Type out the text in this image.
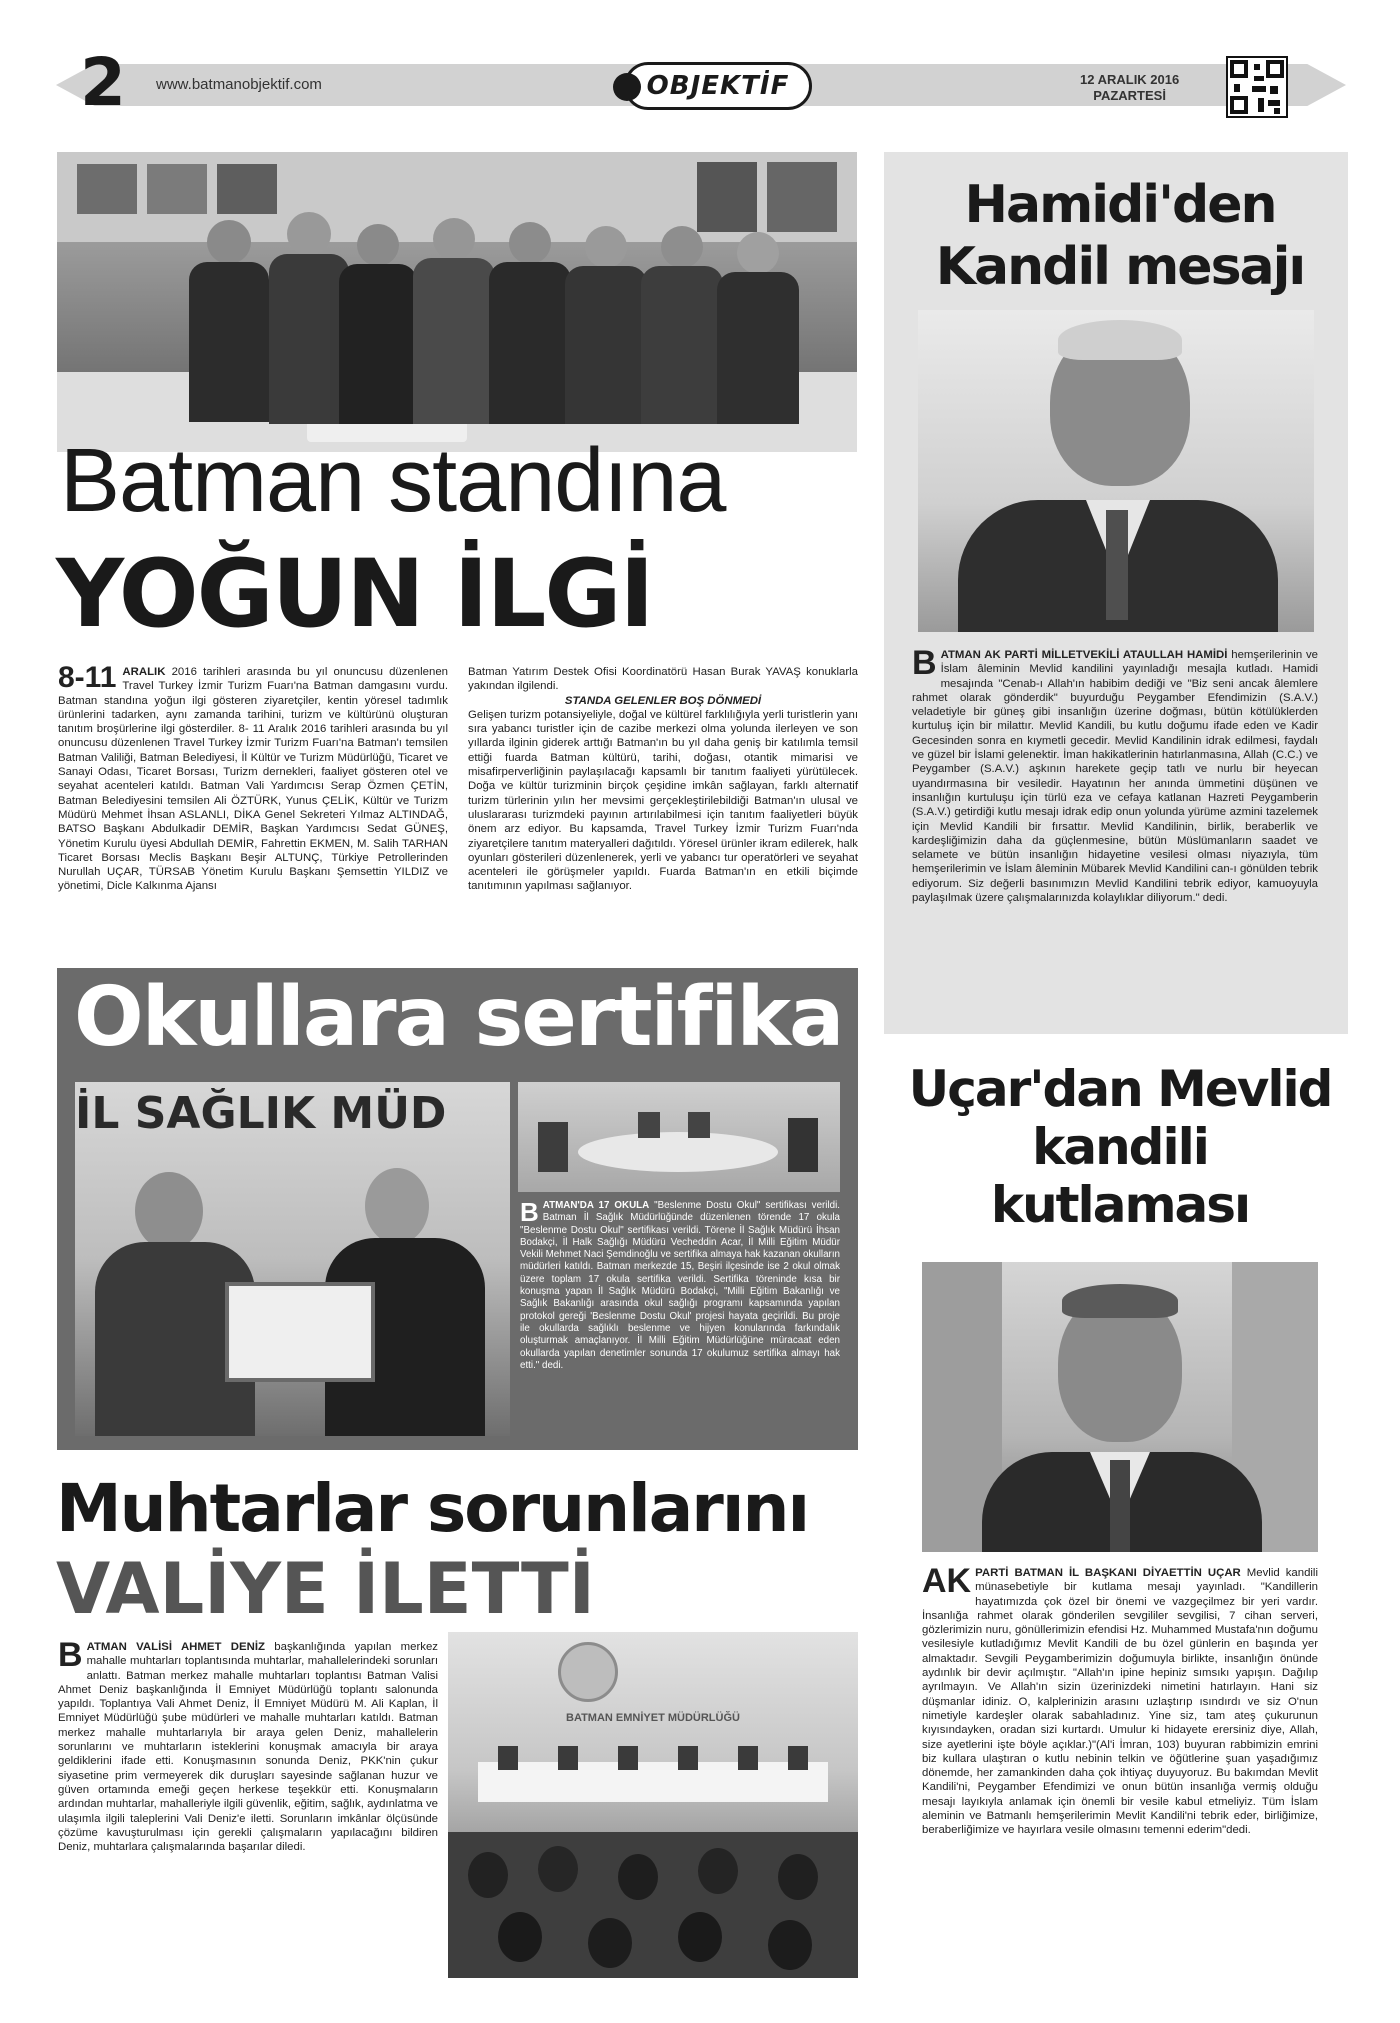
2 www.batmanobjektif.com	OBJEKTİF	12 ARALIK 2016
PAZARTESİ
Batman standına
YOĞUN İLGİ
8-11 ARALIK 2016 tarihleri arasında bu yıl onuncusu düzenlenen Travel Turkey İzmir Turizm Fuarı'na Batman damgasını vurdu. Batman standına yoğun ilgi gösteren ziyaretçiler, kentin yöresel tadımlık ürünlerini tadarken, aynı zamanda tarihini, turizm ve kültürünü oluşturan tanıtım broşürlerine ilgi gösterdiler. 8- 11 Aralık 2016 tarihleri arasında bu yıl onuncusu düzenlenen Travel Turkey İzmir Turizm Fuarı'na Batman'ı temsilen Batman Valiliği, Batman Belediyesi, İl Kültür ve Turizm Müdürlüğü, Ticaret ve Sanayi Odası, Ticaret Borsası, Turizm dernekleri, faaliyet gösteren otel ve seyahat acenteleri katıldı. Batman Vali Yardımcısı Serap Özmen ÇETİN, Batman Belediyesini temsilen Ali ÖZTÜRK, Yunus ÇELİK, Kültür ve Turizm Müdürü Mehmet İhsan ASLANLI, DİKA Genel Sekreteri Yılmaz ALTINDAĞ, BATSO Başkanı Abdulkadir DEMİR, Başkan Yardımcısı Sedat GÜNEŞ, Yönetim Kurulu üyesi Abdullah DEMİR, Fahrettin EKMEN, M. Salih TARHAN Ticaret Borsası Meclis Başkanı Beşir ALTUNÇ, Türkiye Petrollerinden Nurullah UÇAR, TÜRSAB Yönetim Kurulu Başkanı Şemsettin YILDIZ ve yönetimi, Dicle Kalkınma Ajansı

Batman Yatırım Destek Ofisi Koordinatörü Hasan Burak YAVAŞ konuklarla yakından ilgilendi.

STANDA GELENLER BOŞ DÖNMEDİ

Gelişen turizm potansiyeliyle, doğal ve kültürel farklılığıyla yerli turistlerin yanı sıra yabancı turistler için de cazibe merkezi olma yolunda ilerleyen ve son yıllarda ilginin giderek arttığı Batman'ın bu yıl daha geniş bir katılımla temsil ettiği fuarda Batman kültürü, tarihi, doğası, otantik mimarisi ve misafirperverliğinin paylaşılacağı kapsamlı bir tanıtım faaliyeti yürütülecek. Doğa ve kültür turizminin birçok çeşidine imkân sağlayan, farklı alternatif turizm türlerinin yılın her mevsimi gerçekleştirilebildiği Batman'ın ulusal ve uluslararası turizmdeki payının artırılabilmesi için tanıtım faaliyetleri büyük önem arz ediyor. Bu kapsamda, Travel Turkey İzmir Turizm Fuarı'nda ziyaretçilere tanıtım materyalleri dağıtıldı. Yöresel ürünler ikram edilerek, halk oyunları gösterileri düzenlenerek, yerli ve yabancı tur operatörleri ve seyahat acenteleri ile görüşmeler yapıldı. Fuarda Batman'ın en etkili biçimde tanıtımının yapılması sağlanıyor.

Hamidi'den Kandil mesajı
BATMAN AK PARTİ MİLLETVEKİLİ ATAULLAH HAMİDİ hemşerilerinin ve İslam âleminin Mevlid kandilini yayınladığı mesajla kutladı. Hamidi mesajında "Cenab-ı Allah'ın habibim dediği ve "Biz seni ancak âlemlere rahmet olarak gönderdik" buyurduğu Peygamber Efendimizin (S.A.V.) veladetiyle bir güneş gibi insanlığın üzerine doğması, bütün kötülüklerden kurtuluş için bir milattır. Mevlid Kandili, bu kutlu doğumu ifade eden ve Kadir Gecesinden sonra en kıymetli gecedir. Mevlid Kandilinin idrak edilmesi, faydalı ve güzel bir İslami gelenektir. İman hakikatlerinin hatırlanmasına, Allah (C.C.) ve Peygamber (S.A.V.) aşkının harekete geçip tatlı ve nurlu bir heyecan uyandırmasına bir vesiledir. Hayatının her anında ümmetini düşünen ve insanlığın kurtuluşu için türlü eza ve cefaya katlanan Hazreti Peygamberin (S.A.V.) getirdiği kutlu mesajı idrak edip onun yolunda yürüme azmini tazelemek için Mevlid Kandili bir fırsattır. Mevlid Kandilinin, birlik, beraberlik ve kardeşliğimizin daha da güçlenmesine, bütün Müslümanların saadet ve selamete ve bütün insanlığın hidayetine vesilesi olması niyazıyla, tüm hemşerilerimin ve İslam âleminin Mübarek Mevlid Kandilini can-ı gönülden tebrik ediyorum. Siz değerli basınımızın Mevlid Kandilini tebrik ediyor, kamuoyuyla paylaşılmak üzere çalışmalarınızda kolaylıklar diliyorum." dedi.
Okullara sertifika
İL SAĞLIK MÜD
BATMAN'DA 17 OKULA "Beslenme Dostu Okul" sertifikası verildi. Batman İl Sağlık Müdürlüğünde düzenlenen törende 17 okula "Beslenme Dostu Okul" sertifikası verildi. Törene İl Sağlık Müdürü İhsan Bodakçi, İl Halk Sağlığı Müdürü Vecheddin Acar, İl Milli Eğitim Müdür Vekili Mehmet Naci Şemdinoğlu ve sertifika almaya hak kazanan okulların müdürleri katıldı. Batman merkezde 15, Beşiri ilçesinde ise 2 okul olmak üzere toplam 17 okula sertifika verildi. Sertifika töreninde kısa bir konuşma yapan İl Sağlık Müdürü Bodakçi, "Milli Eğitim Bakanlığı ve Sağlık Bakanlığı arasında okul sağlığı programı kapsamında yapılan protokol gereği 'Beslenme Dostu Okul' projesi hayata geçirildi. Bu proje ile okullarda sağlıklı beslenme ve hijyen konularında farkındalık oluşturmak amaçlanıyor. İl Milli Eğitim Müdürlüğüne müracaat eden okullarda yapılan denetimler sonunda 17 okulumuz sertifika almayı hak etti." dedi.
Uçar'dan Mevlid kandili kutlaması
AK PARTİ BATMAN İL BAŞKANI DİYAETTİN UÇAR Mevlid kandili münasebetiyle bir kutlama mesajı yayınladı. "Kandillerin hayatımızda çok özel bir önemi ve vazgeçilmez bir yeri vardır. İnsanlığa rahmet olarak gönderilen sevgililer sevgilisi, 7 cihan serveri, gözlerimizin nuru, gönüllerimizin efendisi Hz. Muhammed Mustafa'nın doğumu vesilesiyle kutladığımız Mevlit Kandili de bu özel günlerin en başında yer almaktadır. Sevgili Peygamberimizin doğumuyla birlikte, insanlığın önünde aydınlık bir devir açılmıştır. "Allah'ın ipine hepiniz sımsıkı yapışın. Dağılıp ayrılmayın. Ve Allah'ın sizin üzerinizdeki nimetini hatırlayın. Hani siz düşmanlar idiniz. O, kalplerinizin arasını uzlaştırıp ısındırdı ve siz O'nun nimetiyle kardeşler olarak sabahladınız. Yine siz, tam ateş çukurunun kıyısındayken, oradan sizi kurtardı. Umulur ki hidayete erersiniz diye, Allah, size ayetlerini işte böyle açıklar.)"(Al'i İmran, 103) buyuran rabbimizin emrini biz kullara ulaştıran o kutlu nebinin telkin ve öğütlerine şuan yaşadığımız dönemde, her zamankinden daha çok ihtiyaç duyuyoruz. Bu bakımdan Mevlit Kandili'ni, Peygamber Efendimizi ve onun bütün insanlığa vermiş olduğu mesajı layıkıyla anlamak için önemli bir vesile kabul etmeliyiz. Tüm İslam aleminin ve Batmanlı hemşerilerimin Mevlit Kandili'ni tebrik eder, birliğimize, beraberliğimize ve hayırlara vesile olmasını temenni ederim"dedi.
Muhtarlar sorunlarını
VALİYE İLETTİ
BATMAN VALİSİ AHMET DENİZ başkanlığında yapılan merkez mahalle muhtarları toplantısında muhtarlar, mahallelerindeki sorunları anlattı. Batman merkez mahalle muhtarları toplantısı Batman Valisi Ahmet Deniz başkanlığında İl Emniyet Müdürlüğü toplantı salonunda yapıldı. Toplantıya Vali Ahmet Deniz, İl Emniyet Müdürü M. Ali Kaplan, İl Emniyet Müdürlüğü şube müdürleri ve mahalle muhtarları katıldı. Batman merkez mahalle muhtarlarıyla bir araya gelen Deniz, mahallelerin sorunlarını ve muhtarların isteklerini konuşmak amacıyla bir araya geldiklerini ifade etti. Konuşmasının sonunda Deniz, PKK'nin çukur siyasetine prim vermeyerek dik duruşları sayesinde sağlanan huzur ve güven ortamında emeği geçen herkese teşekkür etti. Konuşmaların ardından muhtarlar, mahalleriyle ilgili güvenlik, eğitim, sağlık, aydınlatma ve ulaşımla ilgili taleplerini Vali Deniz'e iletti. Sorunların imkânlar ölçüsünde çözüme kavuşturulması için gerekli çalışmaların yapılacağını bildiren Deniz, muhtarlara çalışmalarında başarılar diledi.
BATMAN EMNİYET MÜDÜRLÜĞÜ
